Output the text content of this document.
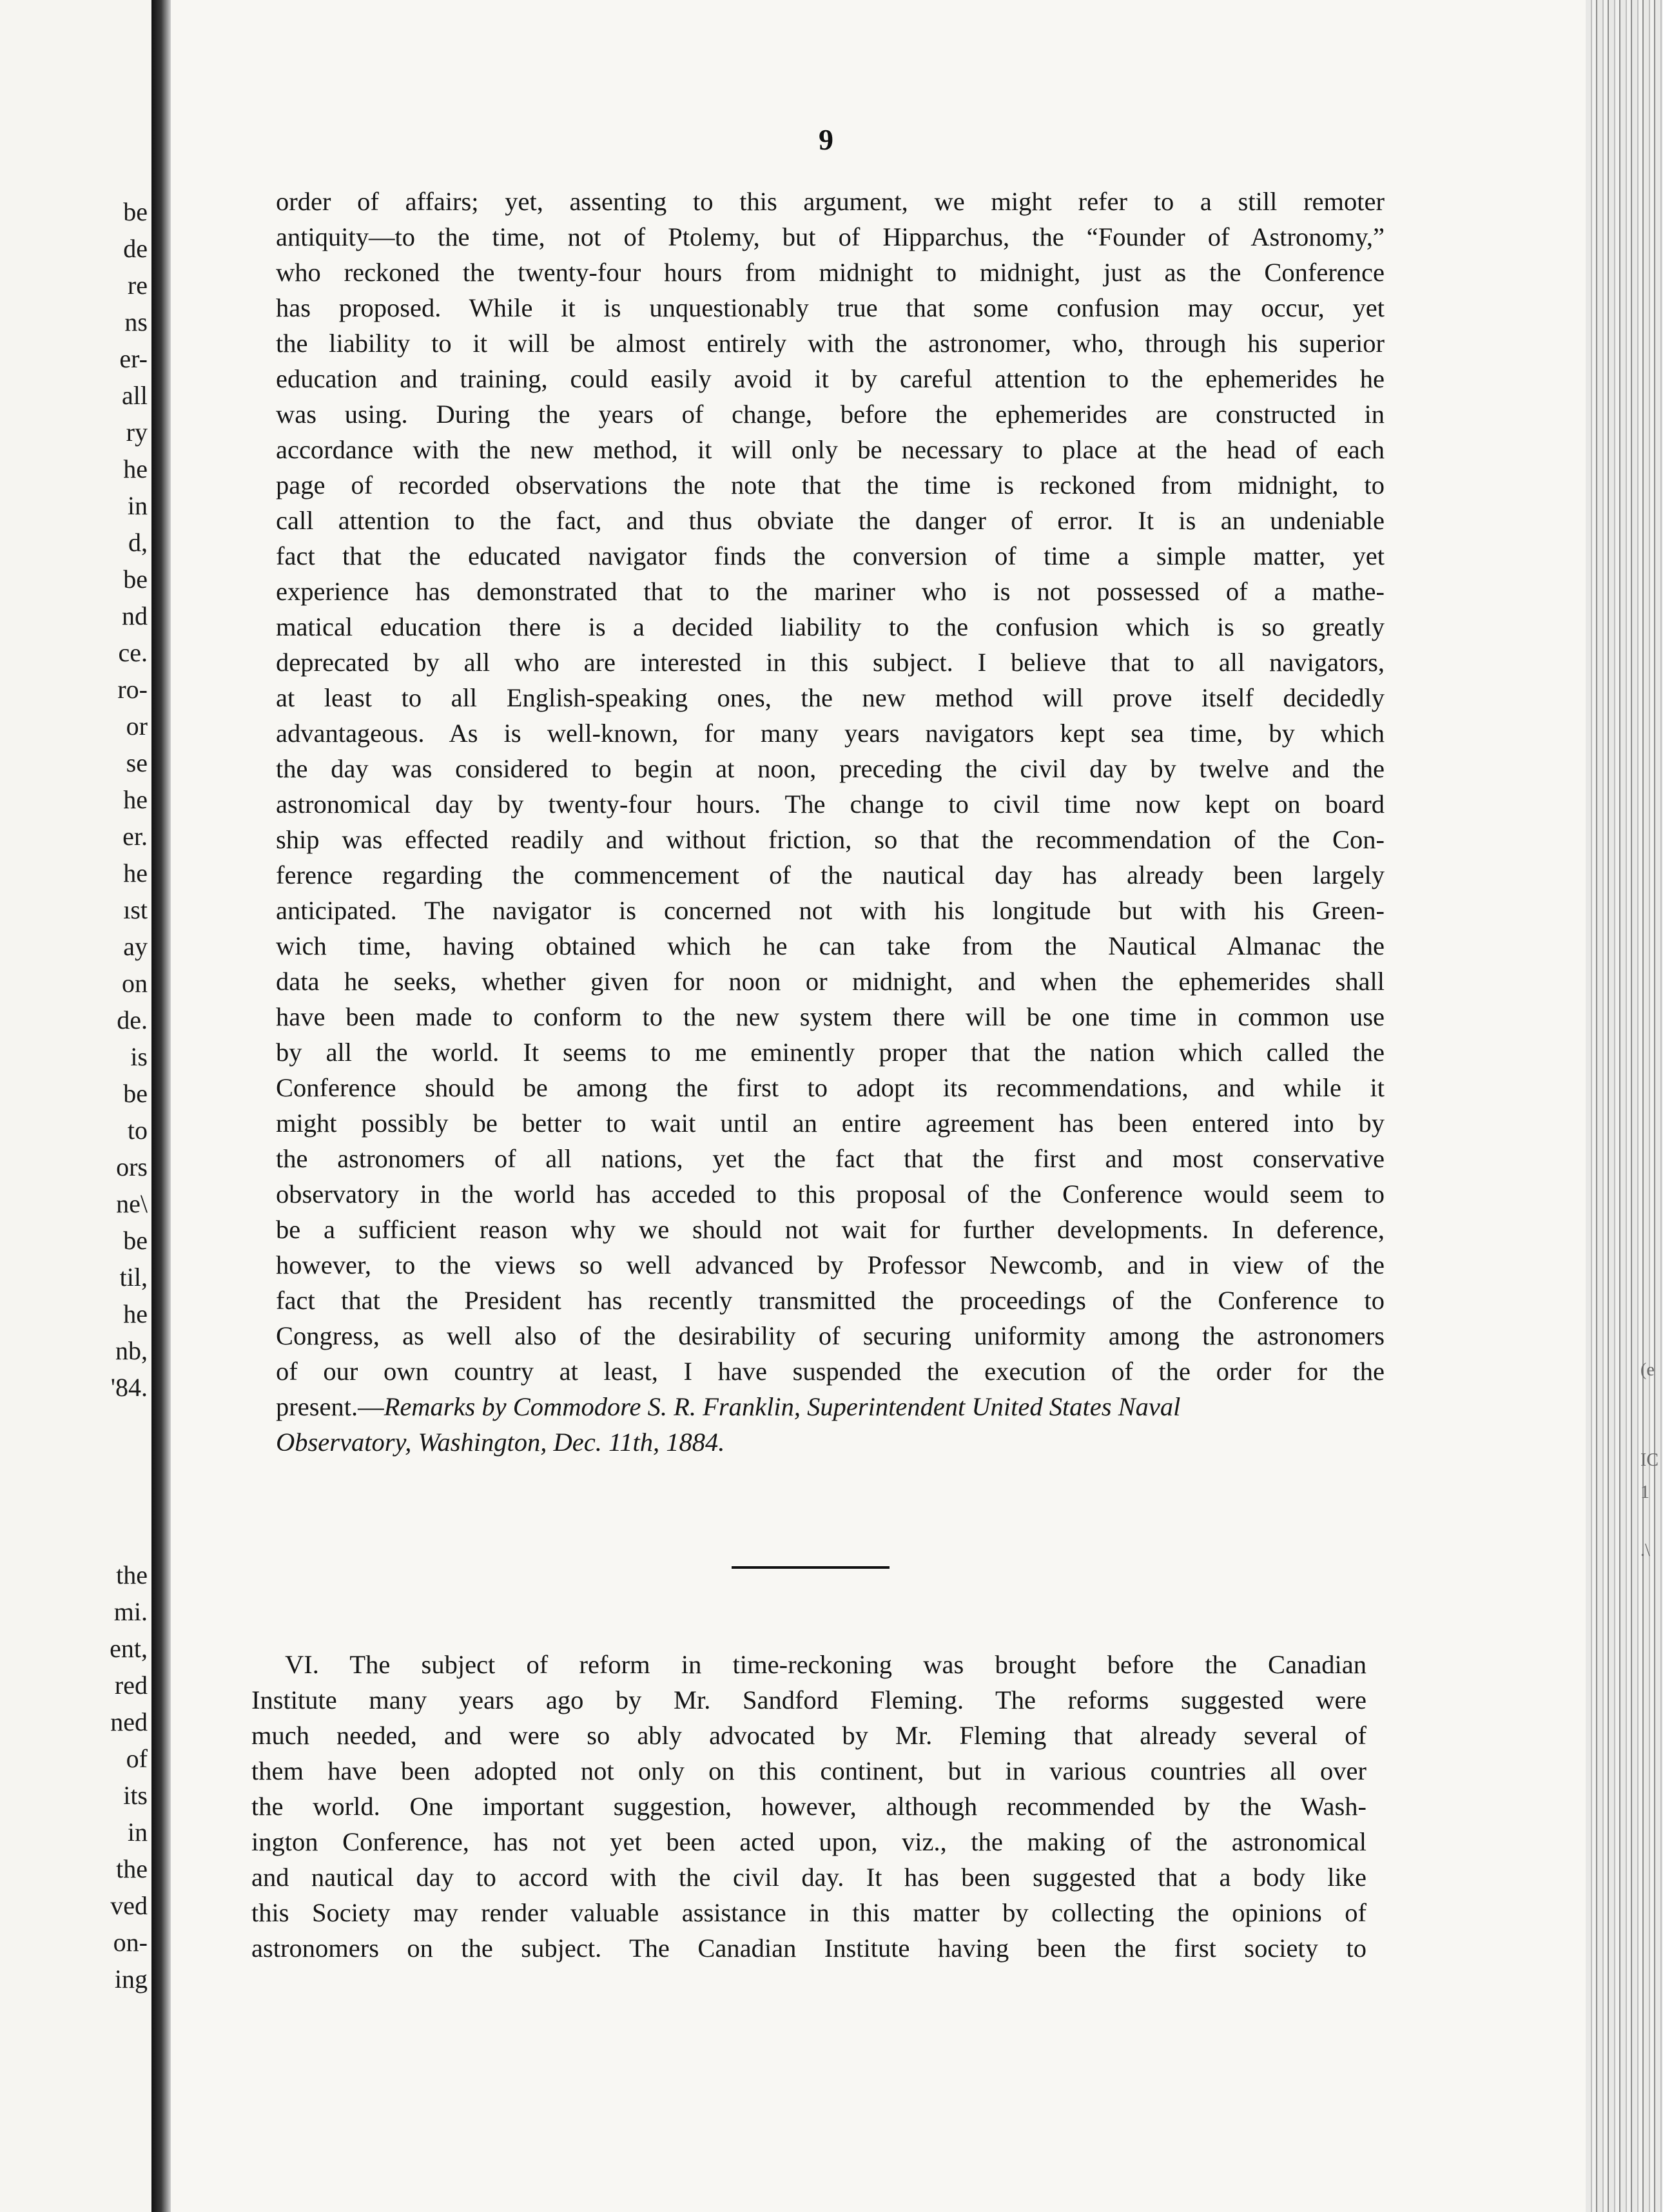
be
de
re
ns
er-
all
ry
he
in
d,
be
nd
ce.
ro-
or
se
he
er.
he
ıst
ay
on
de.
is
be
to
ors
ne\
be
til,
he
nb,
'84.
the
mi.
ent,
red
ned
of
its
in
the
ved
on-
ing
(e
IC
1
.\
9
order of affairs; yet, assenting to this argument, we might refer to a still remoter
antiquity—to the time, not of Ptolemy, but of Hipparchus, the “Founder of Astronomy,”
who reckoned the twenty-four hours from midnight to midnight, just as the Conference
has proposed. While it is unquestionably true that some confusion may occur, yet
the liability to it will be almost entirely with the astronomer, who, through his superior
education and training, could easily avoid it by careful attention to the ephemerides he
was using. During the years of change, before the ephemerides are constructed in
accordance with the new method, it will only be necessary to place at the head of each
page of recorded observations the note that the time is reckoned from midnight, to
call attention to the fact, and thus obviate the danger of error. It is an undeniable
fact that the educated navigator finds the conversion of time a simple matter, yet
experience has demonstrated that to the mariner who is not possessed of a mathe-
matical education there is a decided liability to the confusion which is so greatly
deprecated by all who are interested in this subject. I believe that to all navigators,
at least to all English-speaking ones, the new method will prove itself decidedly
advantageous. As is well-known, for many years navigators kept sea time, by which
the day was considered to begin at noon, preceding the civil day by twelve and the
astronomical day by twenty-four hours. The change to civil time now kept on board
ship was effected readily and without friction, so that the recommendation of the Con-
ference regarding the commencement of the nautical day has already been largely
anticipated. The navigator is concerned not with his longitude but with his Green-
wich time, having obtained which he can take from the Nautical Almanac the
data he seeks, whether given for noon or midnight, and when the ephemerides shall
have been made to conform to the new system there will be one time in common use
by all the world. It seems to me eminently proper that the nation which called the
Conference should be among the first to adopt its recommendations, and while it
might possibly be better to wait until an entire agreement has been entered into by
the astronomers of all nations, yet the fact that the first and most conservative
observatory in the world has acceded to this proposal of the Conference would seem to
be a sufficient reason why we should not wait for further developments. In deference,
however, to the views so well advanced by Professor Newcomb, and in view of the
fact that the President has recently transmitted the proceedings of the Conference to
Congress, as well also of the desirability of securing uniformity among the astronomers
of our own country at least, I have suspended the execution of the order for the
present.—Remarks by Commodore S. R. Franklin, Superintendent United States Naval
Observatory, Washington, Dec. 11th, 1884.
VI. The subject of reform in time-reckoning was brought before the Canadian
Institute many years ago by Mr. Sandford Fleming. The reforms suggested were
much needed, and were so ably advocated by Mr. Fleming that already several of
them have been adopted not only on this continent, but in various countries all over
the world. One important suggestion, however, although recommended by the Wash-
ington Conference, has not yet been acted upon, viz., the making of the astronomical
and nautical day to accord with the civil day. It has been suggested that a body like
this Society may render valuable assistance in this matter by collecting the opinions of
astronomers on the subject. The Canadian Institute having been the first society to
